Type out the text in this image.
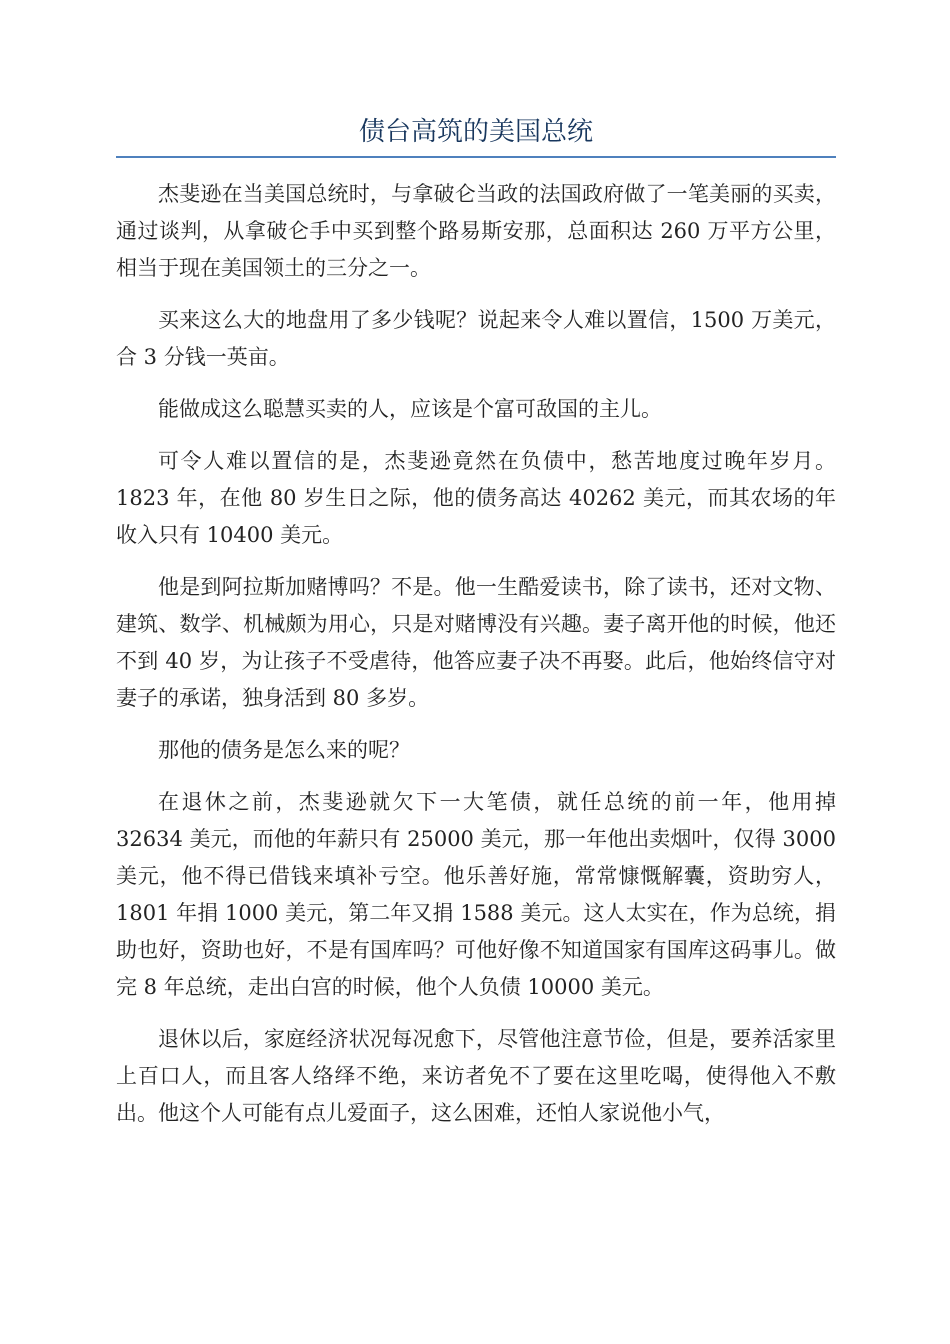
债台高筑的美国总统

杰斐逊在当美国总统时，与拿破仑当政的法国政府做了一笔美丽的买卖，通过谈判，从拿破仑手中买到整个路易斯安那，总面积达 260 万平方公里，相当于现在美国领土的三分之一。

买来这么大的地盘用了多少钱呢？说起来令人难以置信，1500 万美元，合 3 分钱一英亩。

能做成这么聪慧买卖的人，应该是个富可敌国的主儿。

可令人难以置信的是，杰斐逊竟然在负债中，愁苦地度过晚年岁月。1823 年，在他 80 岁生日之际，他的债务高达 40262 美元，而其农场的年收入只有 10400 美元。

他是到阿拉斯加赌博吗？不是。他一生酷爱读书，除了读书，还对文物、建筑、数学、机械颇为用心，只是对赌博没有兴趣。妻子离开他的时候，他还不到 40 岁，为让孩子不受虐待，他答应妻子决不再娶。此后，他始终信守对妻子的承诺，独身活到 80 多岁。

那他的债务是怎么来的呢？

在退休之前，杰斐逊就欠下一大笔债，就任总统的前一年，他用掉 32634 美元，而他的年薪只有 25000 美元，那一年他出卖烟叶，仅得 3000 美元，他不得已借钱来填补亏空。他乐善好施，常常慷慨解囊，资助穷人，1801 年捐 1000 美元，第二年又捐 1588 美元。这人太实在，作为总统，捐助也好，资助也好，不是有国库吗？可他好像不知道国家有国库这码事儿。做完 8 年总统，走出白宫的时候，他个人负债 10000 美元。

退休以后，家庭经济状况每况愈下，尽管他注意节俭，但是，要养活家里上百口人，而且客人络绎不绝，来访者免不了要在这里吃喝，使得他入不敷出。他这个人可能有点儿爱面子，这么困难，还怕人家说他小气，
